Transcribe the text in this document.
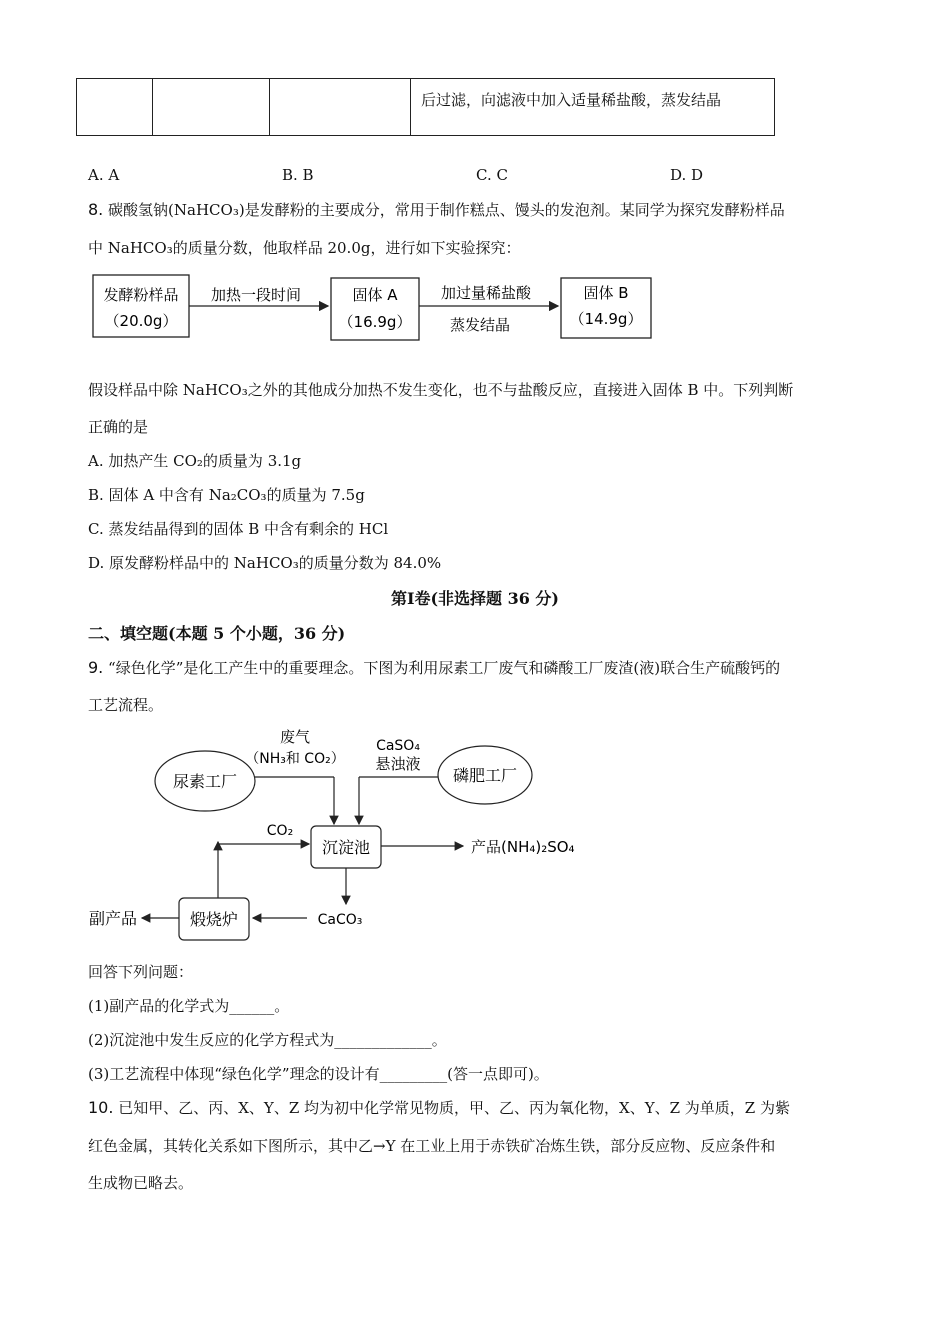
			后过滤，向滤液中加入适量稀盐酸，蒸发结晶
A. A	B. B	C. C	D. D
8. 碳酸氢钠(NaHCO₃)是发酵粉的主要成分，常用于制作糕点、馒头的发泡剂。某同学为探究发酵粉样品
中 NaHCO₃的质量分数，他取样品 20.0g，进行如下实验探究：
发酵粉样品
（20.0g）
加热一段时间	固体 A
（16.9g）
加过量稀盐酸
蒸发结晶
固体 B
（14.9g）
假设样品中除 NaHCO₃之外的其他成分加热不发生变化，也不与盐酸反应，直接进入固体 B 中。下列判断
正确的是
A. 加热产生 CO₂的质量为 3.1g
B. 固体 A 中含有 Na₂CO₃的质量为 7.5g
C. 蒸发结晶得到的固体 B 中含有剩余的 HCl
D. 原发酵粉样品中的 NaHCO₃的质量分数为 84.0%
第Ⅰ卷(非选择题 36 分)
二、填空题(本题 5 个小题，36 分)
9. “绿色化学”是化工产生中的重要理念。下图为利用尿素工厂废气和磷酸工厂废渣(液)联合生产硫酸钙的
工艺流程。
尿素工厂
废气
（NH₃和 CO₂）
磷肥工厂
CaSO₄
悬浊液
沉淀池	产品(NH₄)₂SO₄
CO₂
CaCO₃
煅烧炉
副产品
回答下列问题：
(1)副产品的化学式为______。
(2)沉淀池中发生反应的化学方程式为_____________。
(3)工艺流程中体现“绿色化学”理念的设计有_________(答一点即可)。
10. 已知甲、乙、丙、X、Y、Z 均为初中化学常见物质，甲、乙、丙为氧化物，X、Y、Z 为单质，Z 为紫
红色金属，其转化关系如下图所示，其中乙→Y 在工业上用于赤铁矿冶炼生铁，部分反应物、反应条件和
生成物已略去。
